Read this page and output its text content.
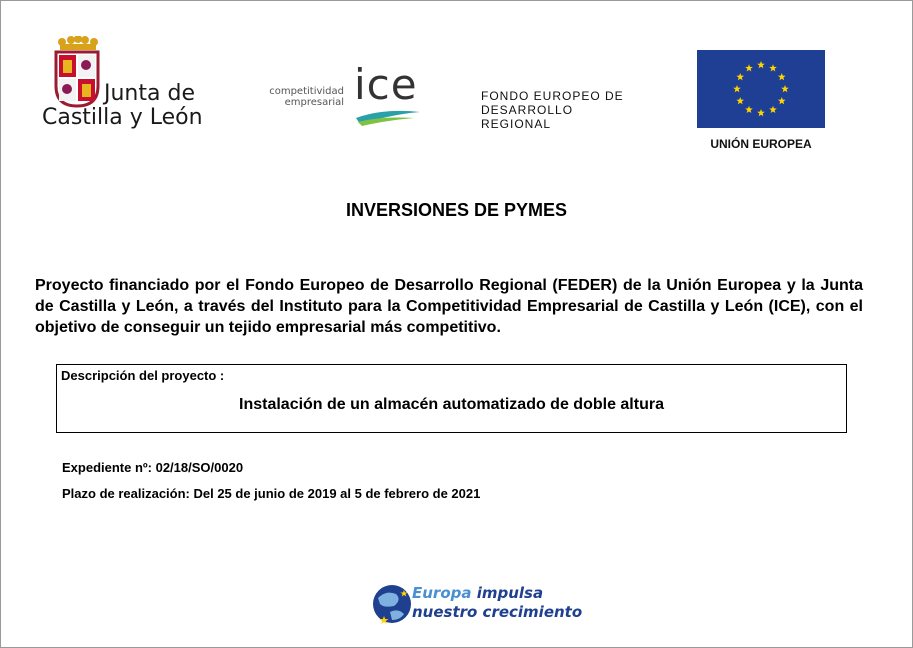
Junta de
Castilla y León
competitividad
empresarial ice	FONDO EUROPEO DE
DESARROLLO
REGIONAL
UNIÓN EUROPEA
INVERSIONES DE PYMES
Proyecto financiado por el Fondo Europeo de Desarrollo Regional (FEDER) de la Unión Europea y la Junta de Castilla y León, a través del Instituto para la Competitividad Empresarial de Castilla y León (ICE), con el objetivo de conseguir un tejido empresarial más competitivo.
Descripción del proyecto :
Instalación de un almacén automatizado de doble altura
Expediente nº: 02/18/SO/0020
Plazo de realización: Del 25 de junio de 2019 al 5 de febrero de 2021
Europa impulsa
nuestro crecimiento
